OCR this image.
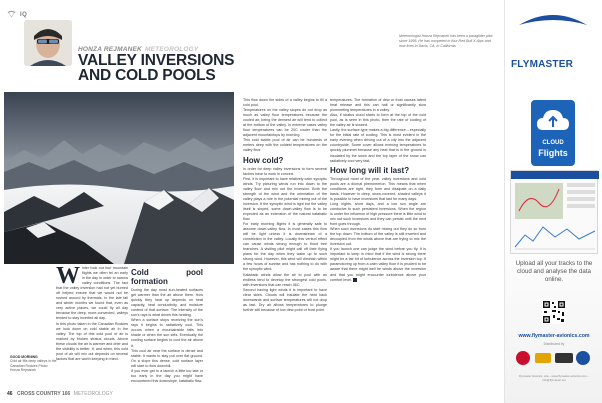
IQ
HONZA REJMANEK METEOROLOGY
VALLEY INVERSIONS
AND COLD POOLS
Meteorologist Honza Rejmanek has been a paraglider pilot since 1995. He has competed in four Red Bull X-Alps and now lives in Davis, CA, in California.
W inter took our four mountain flights we often fel an early in the day in order to narrow valley conditions. The fact that the valley inversion had not yet burned off helped ensure that we would not be rushed around by thermals. In the late fall and winter months we found that, even as very active places, we could fly all day because the deep, more-convected, valleys tended to stay inverted all day.

In this photo taken in the Canadian Rockies we look down on cold stable air in the valley. The top of this cold pool of air is marked by broken stratus clouds. Above these clouds the air is warmer and drier and the visibility is better. If, and when, this cold pool of air will mix out depends on several factors that are worth keeping in mind.

Cold pool formation

During the day most sun-heated surfaces get warmer than the air above them. How quickly they heat up depends on heat capacity, heat conductivity, and moisture content of that surface. The intensity of the sun's rays is what drives this heating.

When a surface stops receiving the sun's rays it begins to radiatively cool. This occurs when a mountainside falls into shade or when the sun sets. Eventually the cooling surface begins to cool the air above it.

This cool air near the surface is dense and stable. It wants to stay put over flat ground. On a slope this dense, cold surface layer will start to flow downhill.

If you ever get to a launch a little too late or too early in the day you might have encountered this downslope, katabatic flow.

This flow down the sides of a valley begins to fill a cold pool.

Temperatures on the valley slopes do not drop as much as valley floor temperatures because the cooled air, being the densest air will tend to collect at the bottom of the valley. In extreme cases valley floor temperatures can be 20C cooler than the adjacent mountaintops by morning.

This cold stable pool of air can be hundreds of meters deep with the coldest temperatures on the valley floor.

How cold?

In order for deep valley inversions to form several factors have to work in concert.

First, it is important to have relatively calm synoptic winds. Try picturing winds run into down to the valley floor and mix out the inversion. Both the strength of the wind and the orientation of the valley plays a role in the potential mixing out of the inversion. If the synoptic wind is light but the valley itself is sloped, some down-valley flow is to be expected as an extension of the natural katabatic flow.

For early morning flights it is generally safe to assume down-valley flow. In most cases this flow will be light unless it is downstream of a constriction in the valley. Locally this venturi effect can cause winds strong enough to flood tree branches. A visiting pilot might call off their flying plans for the day when they wake up to such strong wind. However, this wind will diminish within a few hours of sunrise and has nothing to do with the synoptic wind.

Katabatic winds allow the air to pool with an endless tend to develop the strongest cold pools, with inversions that can reach 46C.

Second having light winds it is important to have clear skies. Clouds will insulate the heat back downwards and surface temperatures will not drop as fast. Dry air allows temperatures to plunge further still because of low dew-point or frost point

temperatures. The formation of dew or frost causes latent heat release and this can halt or significantly slow plummeting temperatures in a valley.

Also, if stratus cloud starts to form at the top of the cold pool, as is seen in this photo, then the rate of cooling of the valley air is slowed.

Lastly, the surface type makes a big difference – especially for the initial rate of cooling. This is most evident in the early evening when driving out of a city into the adjacent countryside. Some cover allows evening temperatures to quickly plummet because any heat that is in the ground is insulated by the snow and the top layer of the snow can radiatively cool very fast.

How long will it last?

Throughout most of the year, valley inversions and cold pools are a diurnal phenomenon. This means that when conditions are right, they form and dissipate on a daily basis. However in deep, snow-covered, shaded valleys it is possible to have inversions that last for many days.

Long nights, short days, and a low sun angle are conducive to such persistent inversions. When the region is under the influence of high pressure there is little wind to mix out such inversions and they can persist until the next front goes through.

When such inversions do start mixing out they do so from the top down. The bottom of the valley is still inverted and decoupled from the winds above that are trying to mix the inversion out.

If you launch one can judge the wind before you fly. It is important to keep in mind that if the wind is strong there might be a fair bit of turbulence across the inversion top. If paramotoring up from a calm valley floor it is prudent to be aware that there might well be winds above the inversion and that you might encounter turbulence above your comfort level.

GOOD MORNING
Cold air fills deep valleys in the Canadian Rockies Photo: Honza Rejmanek
46 CROSS COUNTRY 166 METEOROLOGY
FLYMASTER
CLOUD
Flights
Upload all your tracks to the cloud and analyse the data online.
www.flymaster-avionics.com
Distributed by
Flymaster Avionics, Lda – www.flymaster-avionics.com – info@flymaster.net
